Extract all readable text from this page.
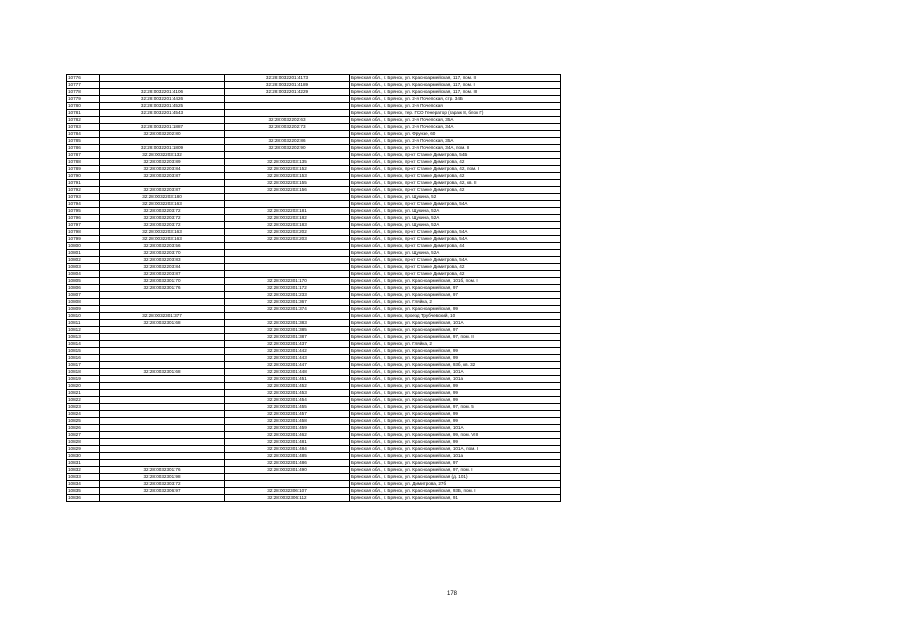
10776		32:28:0032201:4173	Брянская обл., г. Брянск, ул. Красноармейская, 117, пом. II
10777		32:28:0032201:4189	Брянская обл., г. Брянск, ул. Красноармейская, 117, пом. I
10778	32:28:0032201:4106	32:28:0032201:4229	Брянская обл., г. Брянск, ул. Красноармейская, 117, пом. III
10779	32:28:0032201:4426		Брянская обл., г. Брянск, ул. 2-я Почепская, стр. 34Б
10780	32:28:0032201:4525		Брянская обл., г. Брянск, ул. 2-я Почепская
10781	32:28:0032201:4543		Брянская обл., г. Брянск, тер. ГСО Генератор (гараж 8, блок Г)
10782		32:28:0032202:63	Брянская обл., г. Брянск, ул. 2-я Почепская, 35А
10783	32:28:0032201:1887	32:28:0032202:73	Брянская обл., г. Брянск, ул. 2-я Почепская, 34А
10784	32:28:0032202:80		Брянская обл., г. Брянск, ул. Фрунзе, 60
10785		32:28:0032202:86	Брянская обл., г. Брянск, ул. 2-я Почепская, 35А
10786	32:28:0032201:1809	32:28:0032202:90	Брянская обл., г. Брянск, ул. 2-я Почепская, 34А, пом. II
10787	32:28:0032203:132		Брянская обл., г. Брянск, пр-кт Станке Димитрова, 54Б
10788	32:28:0032203:89	32:28:0032203:135	Брянская обл., г. Брянск, пр-кт Станке Димитрова, 42
10789	32:28:0032203:84	32:28:0032203:152	Брянская обл., г. Брянск, пр-кт Станке Димитрова, 42, пом. I
10790	32:28:0032203:87	32:28:0032203:153	Брянская обл., г. Брянск, пр-кт Станке Димитрова, 42
10791		32:28:0032203:155	Брянская обл., г. Брянск, пр-кт Станке Димитрова, 42, кв. II
10792	32:28:0032203:87	32:28:0032203:156	Брянская обл., г. Брянск, пр-кт Станке Димитрова, 42
10793	32:28:0032203:180		Брянская обл., г. Брянск, ул. Щукина, 52
10794	32:28:0032203:163		Брянская обл., г. Брянск, пр-кт Станке Димитрова, 54А
10795	32:28:0032203:72	32:28:0032203:181	Брянская обл., г. Брянск, ул. Щукина, 52А
10796	32:28:0032203:72	32:28:0032203:182	Брянская обл., г. Брянск, ул. Щукина, 52А
10797	32:28:0032203:72	32:28:0032203:183	Брянская обл., г. Брянск, ул. Щукина, 52А
10798	32:28:0032203:163	32:28:0032203:202	Брянская обл., г. Брянск, пр-кт Станке Димитрова, 54А
10799	32:28:0032203:163	32:28:0032203:203	Брянская обл., г. Брянск, пр-кт Станке Димитрова, 54А
10800	32:28:0032203:56		Брянская обл., г. Брянск, пр-кт Станке Димитрова, 44
10801	32:28:0032203:70		Брянская обл., г. Брянск, ул. Щукина, 52А
10802	32:28:0032203:83		Брянская обл., г. Брянск, пр-кт Станке Димитрова, 54А
10803	32:28:0032203:84		Брянская обл., г. Брянск, пр-кт Станке Димитрова, 42
10804	32:28:0032203:87		Брянская обл., г. Брянск, пр-кт Станке Димитрова, 42
10805	32:28:0032301:70	32:28:0032301:170	Брянская обл., г. Брянск, ул. Красноармейская, 101б, пом. I
10806	32:28:0032301:76	32:28:0032301:172	Брянская обл., г. Брянск, ул. Красноармейская, 97
10807		32:28:0032301:233	Брянская обл., г. Брянск, ул. Красноармейская, 97
10808		32:28:0032301:367	Брянская обл., г. Брянск, ул. Гляйка, 2
10809		32:28:0032301:374	Брянская обл., г. Брянск, ул. Красноармейская, 99
10810	32:28:0032301:377		Брянская обл., г. Брянск, проезд Трубчевский, 10
10811	32:28:0032301:68	32:28:0032301:383	Брянская обл., г. Брянск, ул. Красноармейская, 101А
10812		32:28:0032301:385	Брянская обл., г. Брянск, ул. Красноармейская, 97
10813		32:28:0032301:387	Брянская обл., г. Брянск, ул. Красноармейская, 97, пом. II
10814		32:28:0032301:437	Брянская обл., г. Брянск, ул. Гляйка, 2
10815		32:28:0032301:442	Брянская обл., г. Брянск, ул. Красноармейская, 99
10816		32:28:0032301:443	Брянская обл., г. Брянск, ул. Красноармейская, 99
10817		32:28:0032301:447	Брянская обл., г. Брянск, ул. Красноармейская, 93б, кв. 32
10818	32:28:0032301:68	32:28:0032301:448	Брянская обл., г. Брянск, ул. Красноармейская, 101А
10819		32:28:0032301:451	Брянская обл., г. Брянск, ул. Красноармейская, 101а
10820		32:28:0032301:452	Брянская обл., г. Брянск, ул. Красноармейская, 99
10821		32:28:0032301:453	Брянская обл., г. Брянск, ул. Красноармейская, 99
10822		32:28:0032301:454	Брянская обл., г. Брянск, ул. Красноармейская, 99
10823		32:28:0032301:455	Брянская обл., г. Брянск, ул. Красноармейская, 97, пом. 5
10824		32:28:0032301:457	Брянская обл., г. Брянск, ул. Красноармейская, 99
10825		32:28:0032301:458	Брянская обл., г. Брянск, ул. Красноармейская, 99
10826		32:28:0032301:459	Брянская обл., г. Брянск, ул. Красноармейская, 101А
10827		32:28:0032301:462	Брянская обл., г. Брянск, ул. Красноармейская, 99, пом. VIII
10828		32:28:0032301:481	Брянская обл., г. Брянск, ул. Красноармейская, 99
10829		32:28:0032301:484	Брянская обл., г. Брянск, ул. Красноармейская, 101А, пом. I
10830		32:28:0032301:485	Брянская обл., г. Брянск, ул. Красноармейская, 101а
10831		32:28:0032301:486	Брянская обл., г. Брянск, ул. Красноармейская, 97
10832	32:28:0032301:76	32:28:0032301:490	Брянская обл., г. Брянск, ул. Красноармейская, 97, пом. I
10833	32:28:0032301:98		Брянская обл., г. Брянск, ул. Красноармейская (д. 101)
10834	32:28:0032303:72		Брянская обл., г. Брянск, ул. Димитрова, 27б
10835	32:28:0032306:97	32:28:0032306:107	Брянская обл., г. Брянск, ул. Красноармейская, 93Б, пом. I
10836		32:28:0032306:112	Брянская обл., г. Брянск, ул. Красноармейская, 91
178
